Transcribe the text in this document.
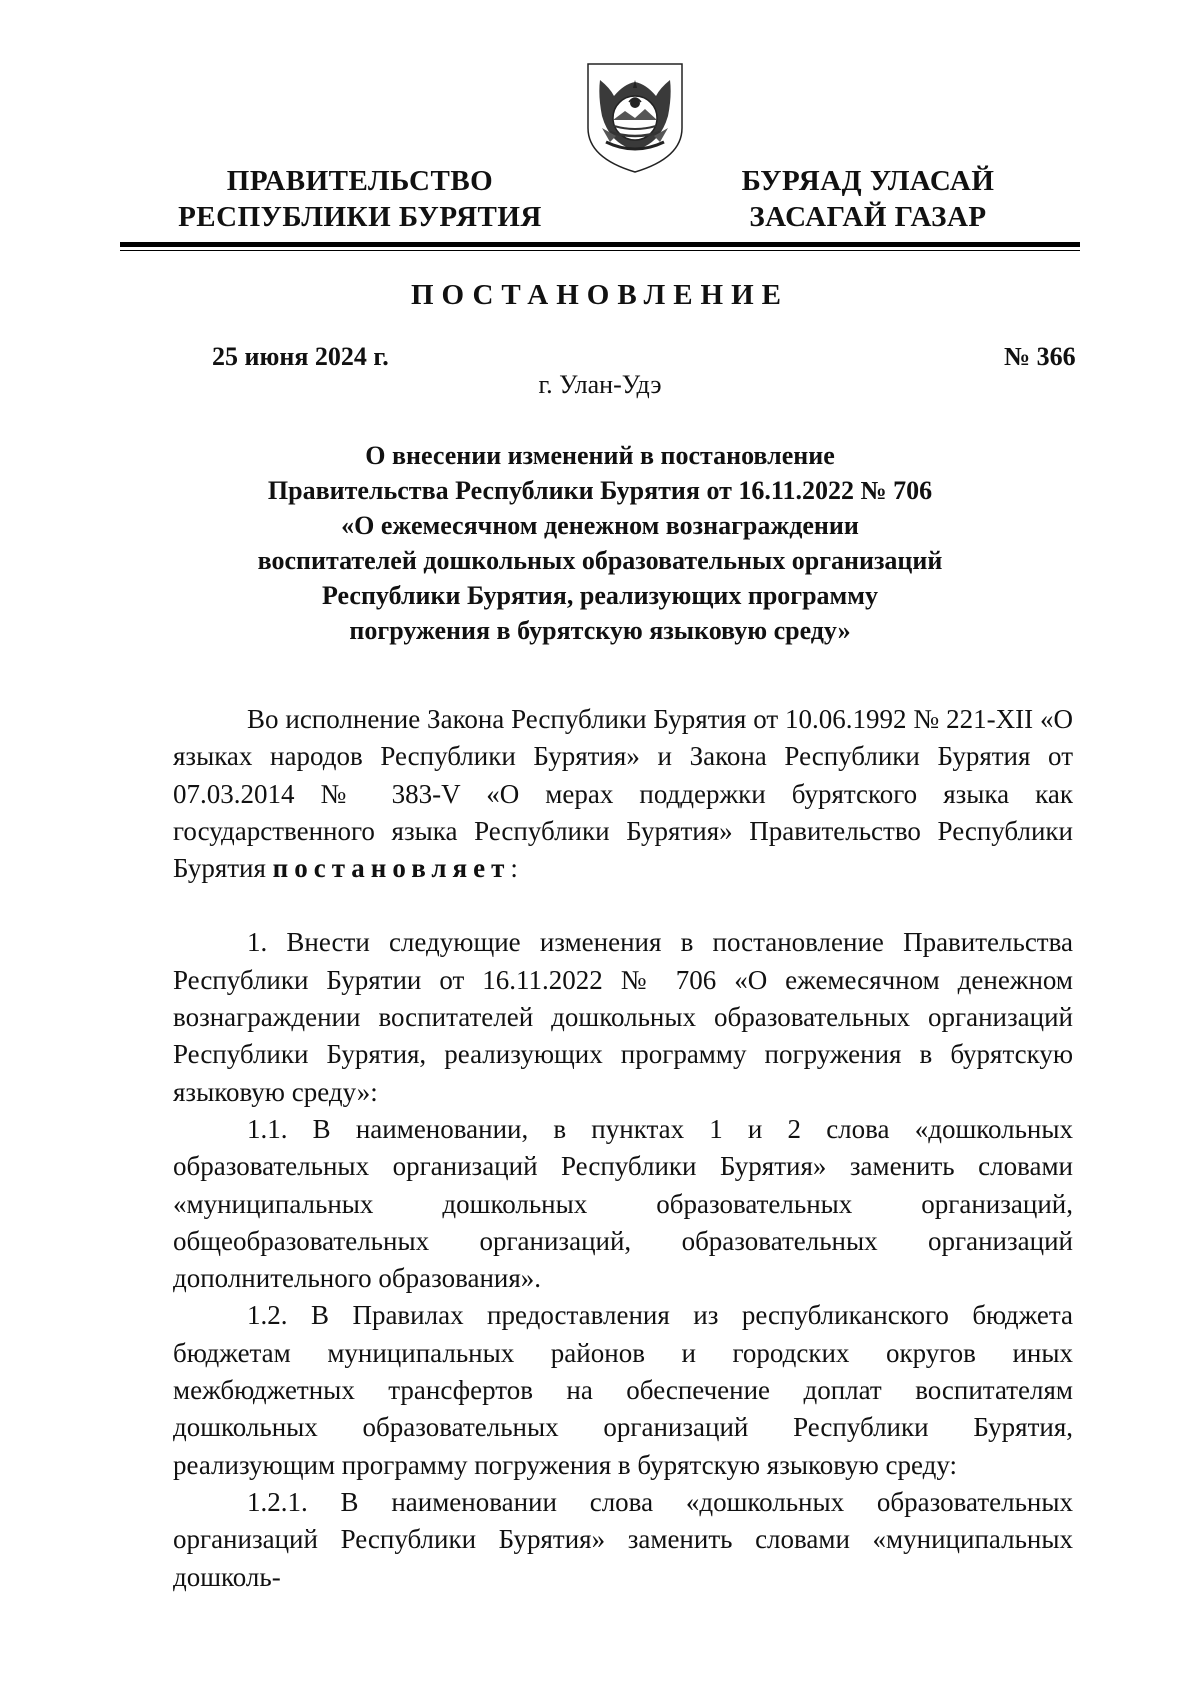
ПРАВИТЕЛЬСТВО
РЕСПУБЛИКИ БУРЯТИЯ
БУРЯАД УЛАСАЙ
ЗАСАГАЙ ГАЗАР
ПОСТАНОВЛЕНИЕ
25 июня 2024 г.	№ 366
г. Улан-Удэ
О внесении изменений в постановление
Правительства Республики Бурятия от 16.11.2022 № 706
«О ежемесячном денежном вознаграждении
воспитателей дошкольных образовательных организаций
Республики Бурятия, реализующих программу
погружения в бурятскую языковую среду»

Во исполнение Закона Республики Бурятия от 10.06.1992 № 221-XII «О языках народов Республики Бурятия» и Закона Республики Бурятия от 07.03.2014 № 383-V «О мерах поддержки бурятского языка как государственного языка Республики Бурятия» Правительство Республики Бурятия постановляет:

1. Внести следующие изменения в постановление Правительства Республики Бурятии от 16.11.2022 № 706 «О ежемесячном денежном вознаграждении воспитателей дошкольных образовательных организаций Республики Бурятия, реализующих программу погружения в бурятскую языковую среду»:

1.1. В наименовании, в пунктах 1 и 2 слова «дошкольных образовательных организаций Республики Бурятия» заменить словами «муниципальных дошкольных образовательных организаций, общеобразовательных организаций, образовательных организаций дополнительного образования».

1.2. В Правилах предоставления из республиканского бюджета бюджетам муниципальных районов и городских округов иных межбюджетных трансфертов на обеспечение доплат воспитателям дошкольных образовательных организаций Республики Бурятия, реализующим программу погружения в бурятскую языковую среду:

1.2.1. В наименовании слова «дошкольных образовательных организаций Республики Бурятия» заменить словами «муниципальных дошколь-
